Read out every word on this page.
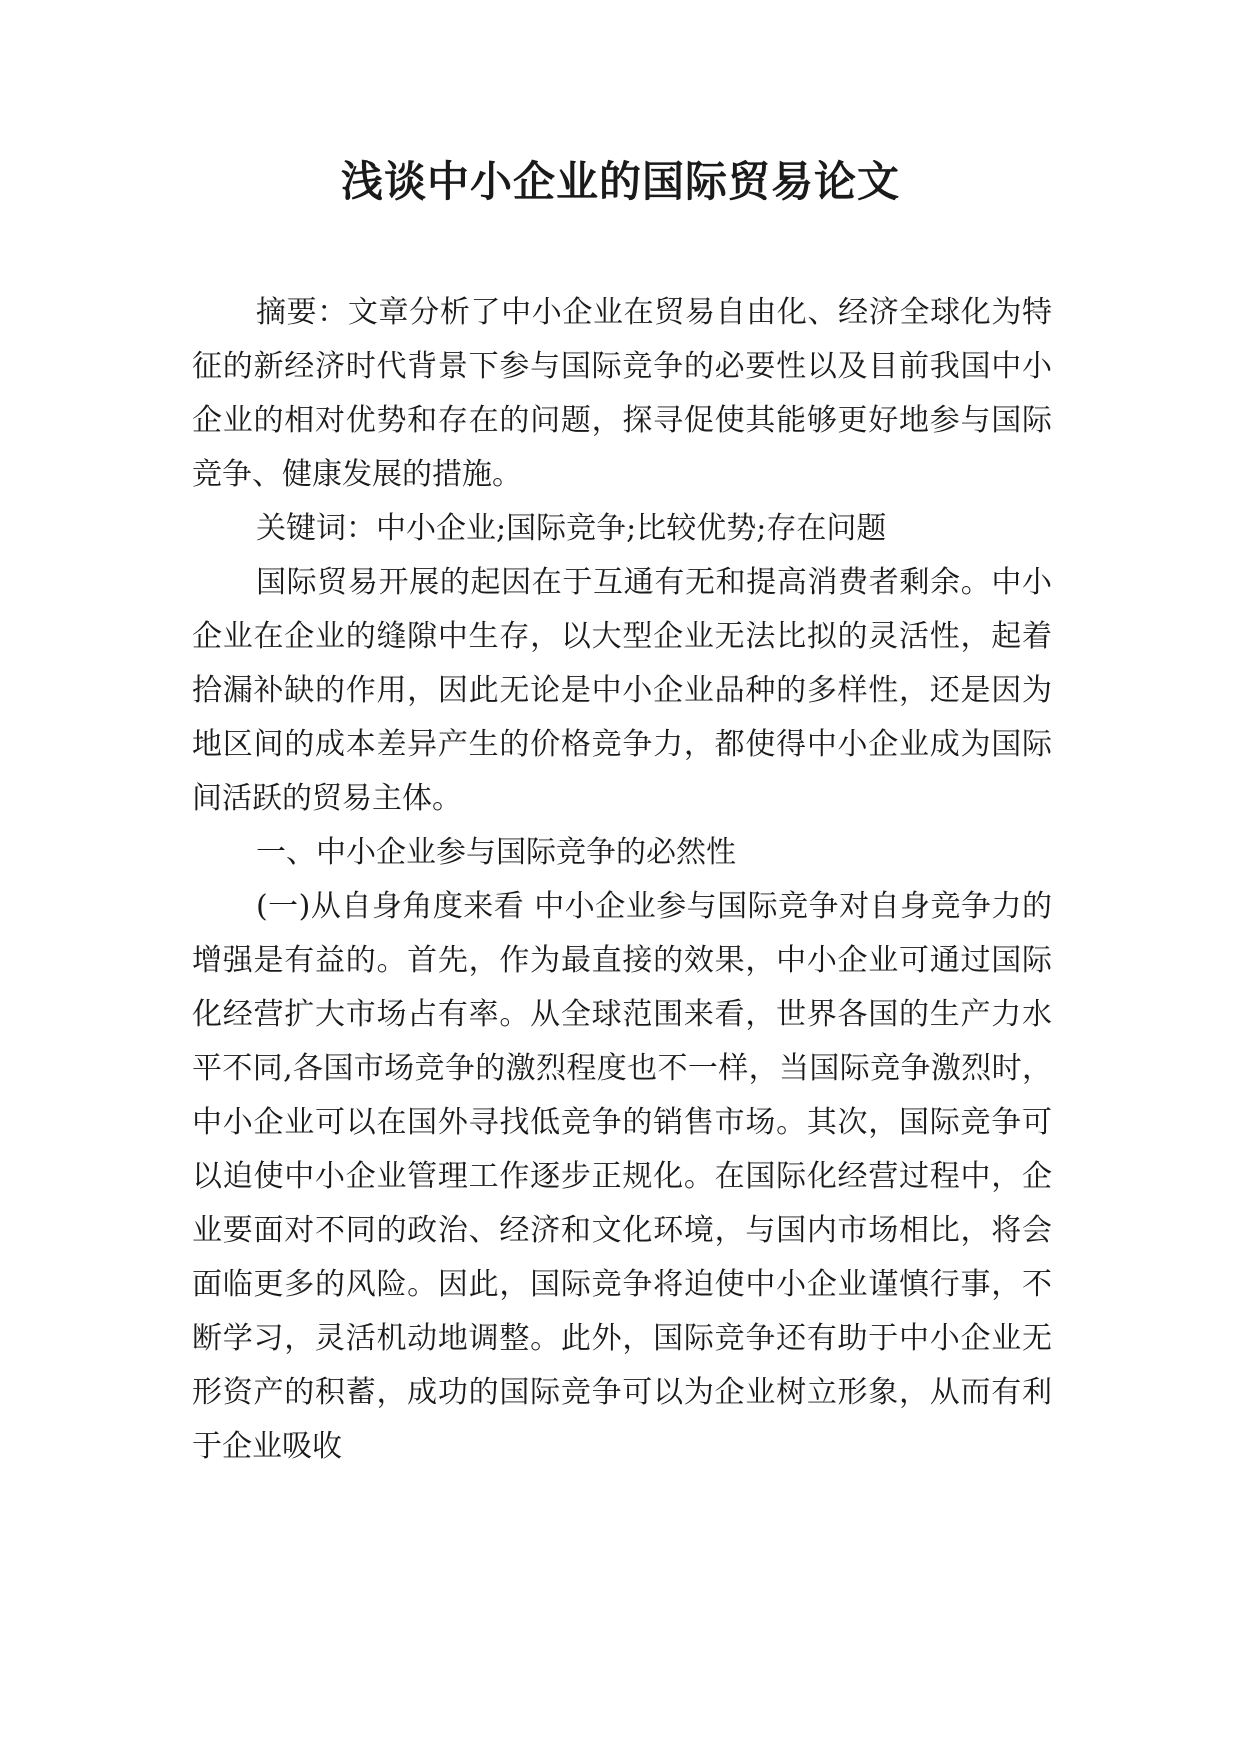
浅谈中小企业的国际贸易论文

摘要：文章分析了中小企业在贸易自由化、经济全球化为特征的新经济时代背景下参与国际竞争的必要性以及目前我国中小企业的相对优势和存在的问题，探寻促使其能够更好地参与国际竞争、健康发展的措施。

关键词：中小企业;国际竞争;比较优势;存在问题

国际贸易开展的起因在于互通有无和提高消费者剩余。中小企业在企业的缝隙中生存，以大型企业无法比拟的灵活性，起着拾漏补缺的作用，因此无论是中小企业品种的多样性，还是因为地区间的成本差异产生的价格竞争力，都使得中小企业成为国际间活跃的贸易主体。

一、中小企业参与国际竞争的必然性

(一)从自身角度来看 中小企业参与国际竞争对自身竞争力的增强是有益的。首先，作为最直接的效果，中小企业可通过国际化经营扩大市场占有率。从全球范围来看，世界各国的生产力水平不同,各国市场竞争的激烈程度也不一样，当国际竞争激烈时，中小企业可以在国外寻找低竞争的销售市场。其次，国际竞争可以迫使中小企业管理工作逐步正规化。在国际化经营过程中，企业要面对不同的政治、经济和文化环境，与国内市场相比，将会面临更多的风险。因此，国际竞争将迫使中小企业谨慎行事，不断学习，灵活机动地调整。此外，国际竞争还有助于中小企业无形资产的积蓄，成功的国际竞争可以为企业树立形象，从而有利于企业吸收
